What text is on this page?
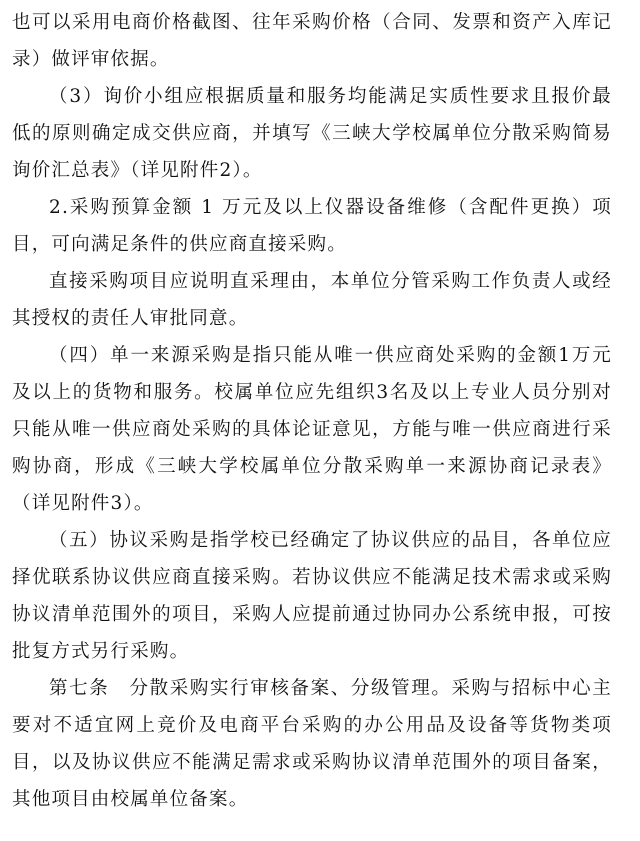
也可以采用电商价格截图、往年采购价格（合同、发票和资产入库记录）做评审依据。

（3）询价小组应根据质量和服务均能满足实质性要求且报价最低的原则确定成交供应商，并填写《三峡大学校属单位分散采购简易询价汇总表》（详见附件2）。

2.采购预算金额 1 万元及以上仪器设备维修（含配件更换）项目，可向满足条件的供应商直接采购。

直接采购项目应说明直采理由，本单位分管采购工作负责人或经其授权的责任人审批同意。

（四）单一来源采购是指只能从唯一供应商处采购的金额1万元及以上的货物和服务。校属单位应先组织3名及以上专业人员分别对只能从唯一供应商处采购的具体论证意见，方能与唯一供应商进行采购协商，形成《三峡大学校属单位分散采购单一来源协商记录表》（详见附件3）。

（五）协议采购是指学校已经确定了协议供应的品目，各单位应择优联系协议供应商直接采购。若协议供应不能满足技术需求或采购协议清单范围外的项目，采购人应提前通过协同办公系统申报，可按批复方式另行采购。

第七条　分散采购实行审核备案、分级管理。采购与招标中心主要对不适宜网上竞价及电商平台采购的办公用品及设备等货物类项目，以及协议供应不能满足需求或采购协议清单范围外的项目备案，其他项目由校属单位备案。
